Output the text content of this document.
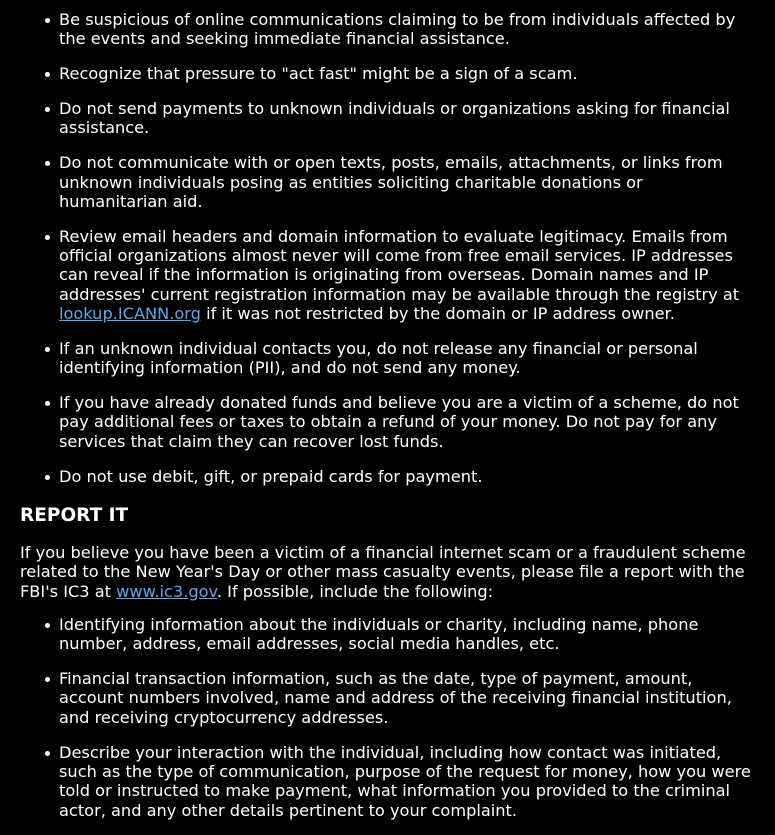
Be suspicious of online communications claiming to be from individuals affected by the events and seeking immediate financial assistance.
Recognize that pressure to "act fast" might be a sign of a scam.
Do not send payments to unknown individuals or organizations asking for financial assistance.
Do not communicate with or open texts, posts, emails, attachments, or links from unknown individuals posing as entities soliciting charitable donations or humanitarian aid.
Review email headers and domain information to evaluate legitimacy. Emails from official organizations almost never will come from free email services. IP addresses can reveal if the information is originating from overseas. Domain names and IP addresses' current registration information may be available through the registry at lookup.ICANN.org if it was not restricted by the domain or IP address owner.
If an unknown individual contacts you, do not release any financial or personal identifying information (PII), and do not send any money.
If you have already donated funds and believe you are a victim of a scheme, do not pay additional fees or taxes to obtain a refund of your money. Do not pay for any services that claim they can recover lost funds.
Do not use debit, gift, or prepaid cards for payment.
REPORT IT

If you believe you have been a victim of a financial internet scam or a fraudulent scheme related to the New Year's Day or other mass casualty events, please file a report with the FBI's IC3 at www.ic3.gov. If possible, include the following:

Identifying information about the individuals or charity, including name, phone number, address, email addresses, social media handles, etc.
Financial transaction information, such as the date, type of payment, amount, account numbers involved, name and address of the receiving financial institution, and receiving cryptocurrency addresses.
Describe your interaction with the individual, including how contact was initiated, such as the type of communication, purpose of the request for money, how you were told or instructed to make payment, what information you provided to the criminal actor, and any other details pertinent to your complaint.
